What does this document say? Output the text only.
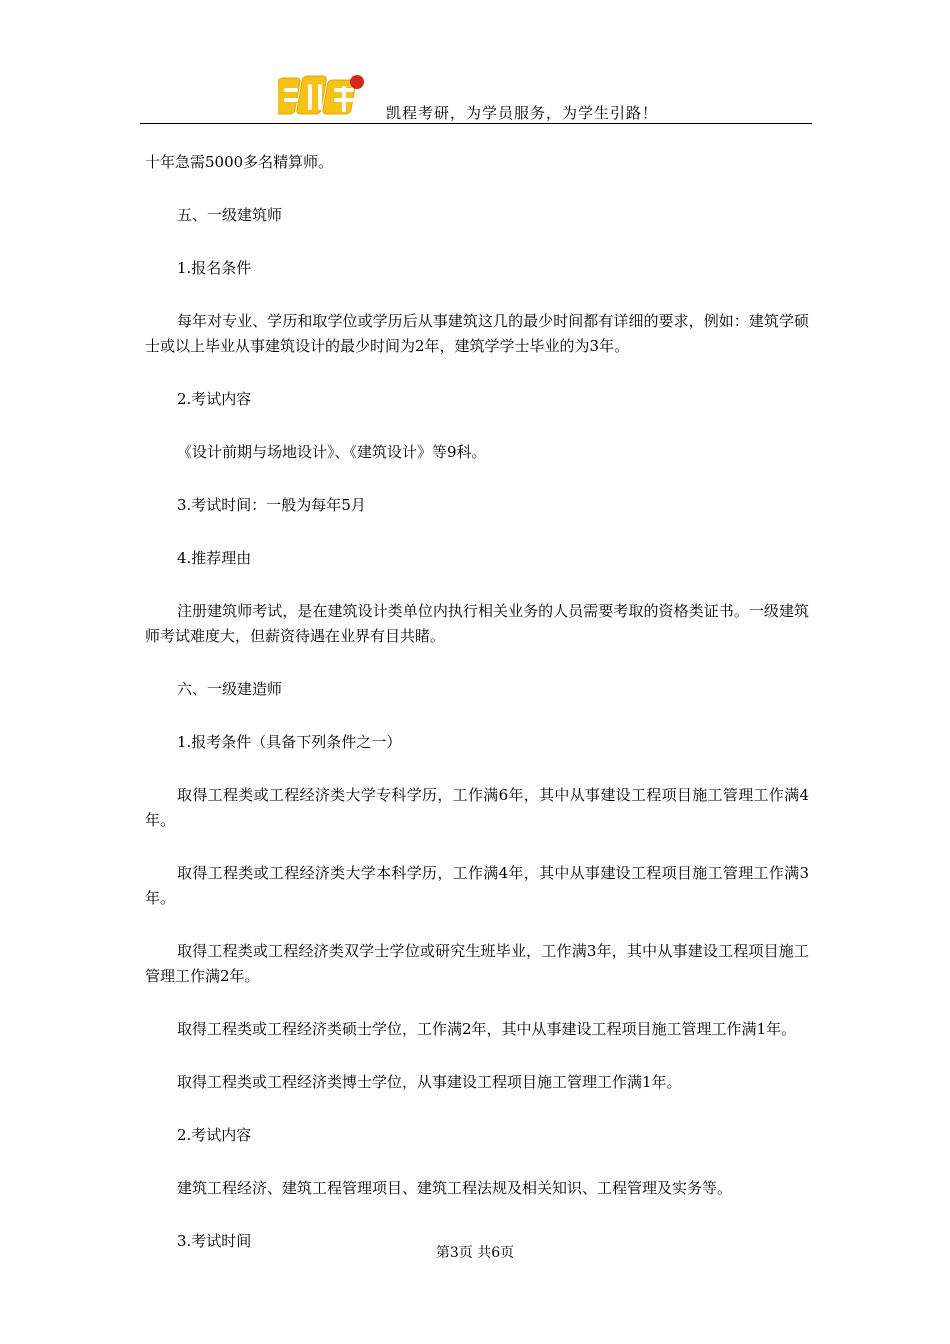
凯程考研，为学员服务，为学生引路！

十年急需5000多名精算师。

五、一级建筑师

1.报名条件

每年对专业、学历和取学位或学历后从事建筑这几的最少时间都有详细的要求，例如：建筑学硕士或以上毕业从事建筑设计的最少时间为2年，建筑学学士毕业的为3年。

2.考试内容

《设计前期与场地设计》、《建筑设计》等9科。

3.考试时间：一般为每年5月

4.推荐理由

注册建筑师考试，是在建筑设计类单位内执行相关业务的人员需要考取的资格类证书。一级建筑师考试难度大，但薪资待遇在业界有目共睹。

六、一级建造师

1.报考条件（具备下列条件之一）

取得工程类或工程经济类大学专科学历，工作满6年，其中从事建设工程项目施工管理工作满4年。

取得工程类或工程经济类大学本科学历，工作满4年，其中从事建设工程项目施工管理工作满3年。

取得工程类或工程经济类双学士学位或研究生班毕业，工作满3年，其中从事建设工程项目施工管理工作满2年。

取得工程类或工程经济类硕士学位，工作满2年，其中从事建设工程项目施工管理工作满1年。

取得工程类或工程经济类博士学位，从事建设工程项目施工管理工作满1年。

2.考试内容

建筑工程经济、建筑工程管理项目、建筑工程法规及相关知识、工程管理及实务等。

3.考试时间

第3页 共6页
